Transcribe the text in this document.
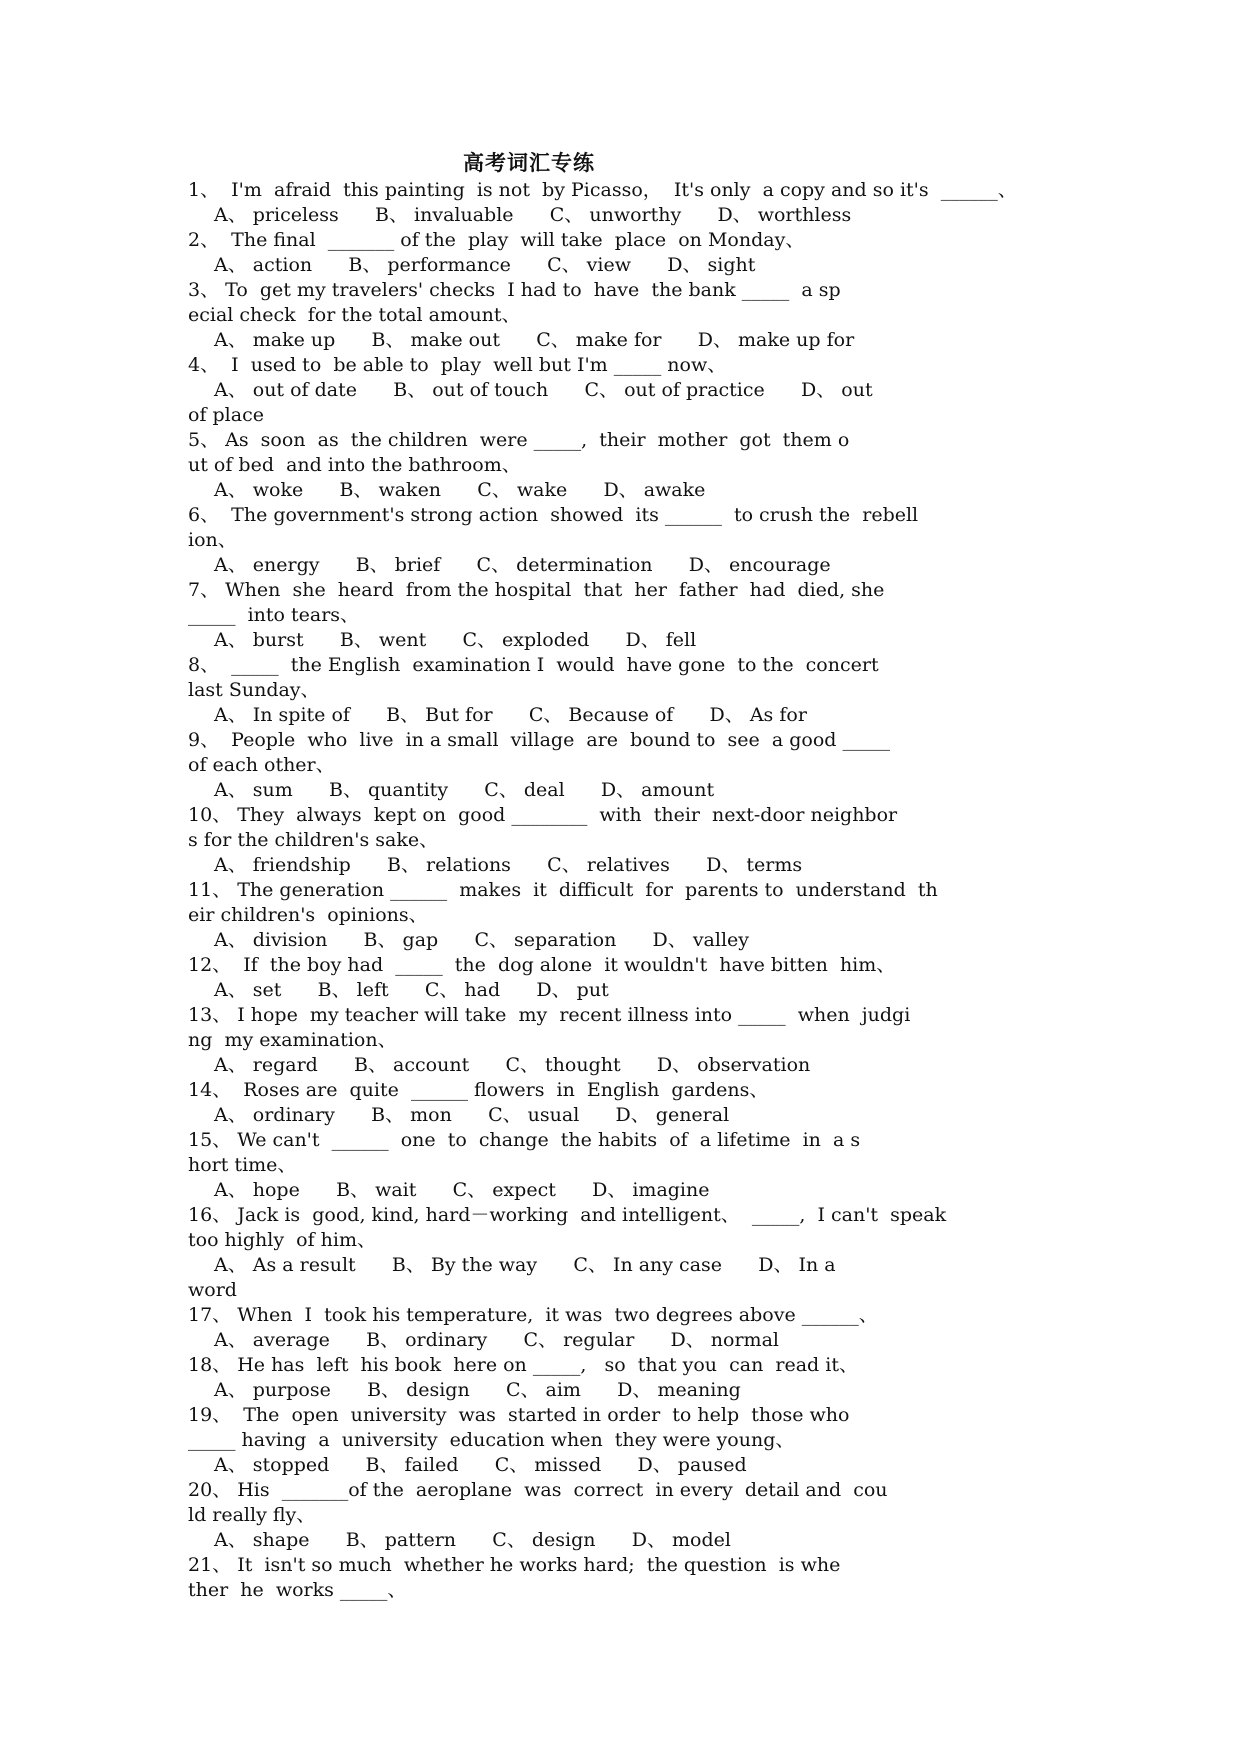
高考词汇专练
1、  I'm  afraid  this painting  is not  by Picasso，  It's only  a copy and so it's  ______、
A、 priceless      B、 invaluable      C、 unworthy      D、 worthless
2、  The final  _______ of the  play  will take  place  on Monday、
A、 action      B、 performance      C、 view      D、 sight
3、 To  get my travelers' checks  I had to  have  the bank _____  a sp
ecial check  for the total amount、
A、 make up      B、 make out      C、 make for      D、 make up for
4、  I  used to  be able to  play  well but I'm _____ now、
A、 out of date      B、 out of touch      C、 out of practice      D、 out
of place
5、 As  soon  as  the children  were _____,  their  mother  got  them o
ut of bed  and into the bathroom、
A、 woke      B、 waken      C、 wake      D、 awake
6、  The government's strong action  showed  its ______  to crush the  rebell
ion、
A、 energy      B、 brief      C、 determination      D、 encourage
7、 When  she  heard  from the hospital  that  her  father  had  died, she
_____  into tears、
A、 burst      B、 went      C、 exploded      D、 fell
8、  _____  the English  examination I  would  have gone  to the  concert
last Sunday、
A、 In spite of      B、 But for      C、 Because of      D、 As for
9、  People  who  live  in a small  village  are  bound to  see  a good _____
of each other、
A、 sum      B、 quantity      C、 deal      D、 amount
10、 They  always  kept on  good ________  with  their  next-door neighbor
s for the children's sake、
A、 friendship      B、 relations      C、 relatives      D、 terms
11、 The generation ______  makes  it  difficult  for  parents to  understand  th
eir children's  opinions、
A、 division      B、 gap      C、 separation      D、 valley
12、  If  the boy had  _____  the  dog alone  it wouldn't  have bitten  him、
A、 set      B、 left      C、 had      D、 put
13、 I hope  my teacher will take  my  recent illness into _____  when  judgi
ng  my examination、
A、 regard      B、 account      C、 thought      D、 observation
14、  Roses are  quite  ______ flowers  in  English  gardens、
A、 ordinary      B、 mon      C、 usual      D、 general
15、 We can't  ______  one  to  change  the habits  of  a lifetime  in  a s
hort time、
A、 hope      B、 wait      C、 expect      D、 imagine
16、 Jack is  good, kind, hard－working  and intelligent、  _____,  I can't  speak
too highly  of him、
A、 As a result      B、 By the way      C、 In any case      D、 In a
word
17、 When  I  took his temperature,  it was  two degrees above ______、
A、 average      B、 ordinary      C、 regular      D、 normal
18、 He has  left  his book  here on _____,   so  that you  can  read it、
A、 purpose      B、 design      C、 aim      D、 meaning
19、  The  open  university  was  started in order  to help  those who
_____ having  a  university  education when  they were young、
A、 stopped      B、 failed      C、 missed      D、 paused
20、 His  _______of the  aeroplane  was  correct  in every  detail and  cou
ld really fly、
A、 shape      B、 pattern      C、 design      D、 model
21、 It  isn't so much  whether he works hard;  the question  is whe
ther  he  works _____、
